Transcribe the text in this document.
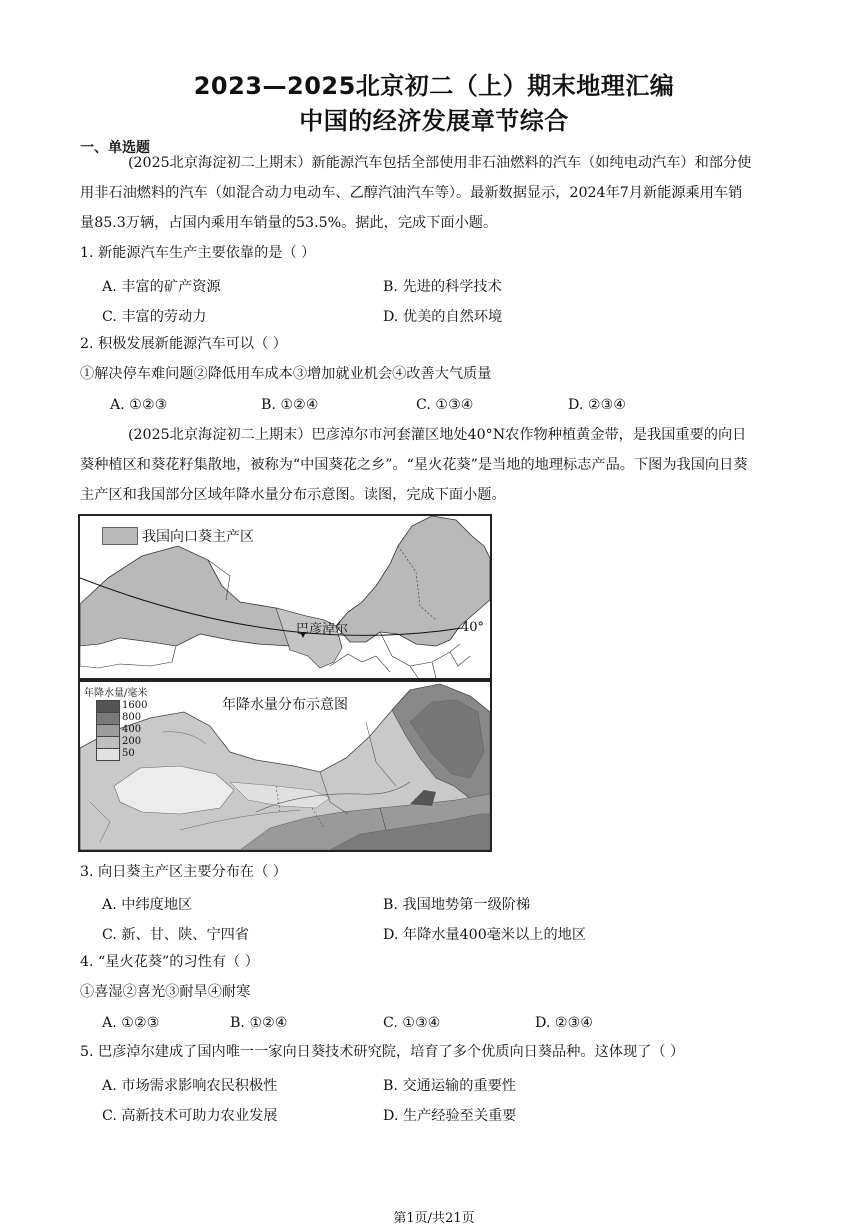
2023—2025北京初二（上）期末地理汇编
中国的经济发展章节综合
一、单选题
(2025北京海淀初二上期末）新能源汽车包括全部使用非石油燃料的汽车（如纯电动汽车）和部分使
用非石油燃料的汽车（如混合动力电动车、乙醇汽油汽车等）。最新数据显示，2024年7月新能源乘用车销
量85.3万辆，占国内乘用车销量的53.5%。据此，完成下面小题。
1. 新能源汽车生产主要依靠的是（ ）
A. 丰富的矿产资源	B. 先进的科学技术
C. 丰富的劳动力	D. 优美的自然环境
2. 积极发展新能源汽车可以（ ）
①解决停车难问题②降低用车成本③增加就业机会④改善大气质量
A. ①②③	B. ①②④	C. ①③④	D. ②③④
(2025北京海淀初二上期末）巴彦淖尔市河套灌区地处40°N农作物种植黄金带，是我国重要的向日
葵种植区和葵花籽集散地，被称为“中国葵花之乡”。“星火花葵”是当地的地理标志产品。下图为我国向日葵
主产区和我国部分区域年降水量分布示意图。读图，完成下面小题。
我国向口葵主产区
巴彦淖尔	40°
年降水量/毫米
1600
800
400
200
50
年降水量分布示意图
3. 向日葵主产区主要分布在（ ）
A. 中纬度地区	B. 我国地势第一级阶梯
C. 新、甘、陕、宁四省	D. 年降水量400毫米以上的地区
4. “星火花葵”的习性有（ ）
①喜湿②喜光③耐旱④耐寒
A. ①②③	B. ①②④	C. ①③④	D. ②③④
5. 巴彦淖尔建成了国内唯一一家向日葵技术研究院，培育了多个优质向日葵品种。这体现了（ ）
A. 市场需求影响农民积极性	B. 交通运输的重要性
C. 高新技术可助力农业发展	D. 生产经验至关重要
第1页/共21页
